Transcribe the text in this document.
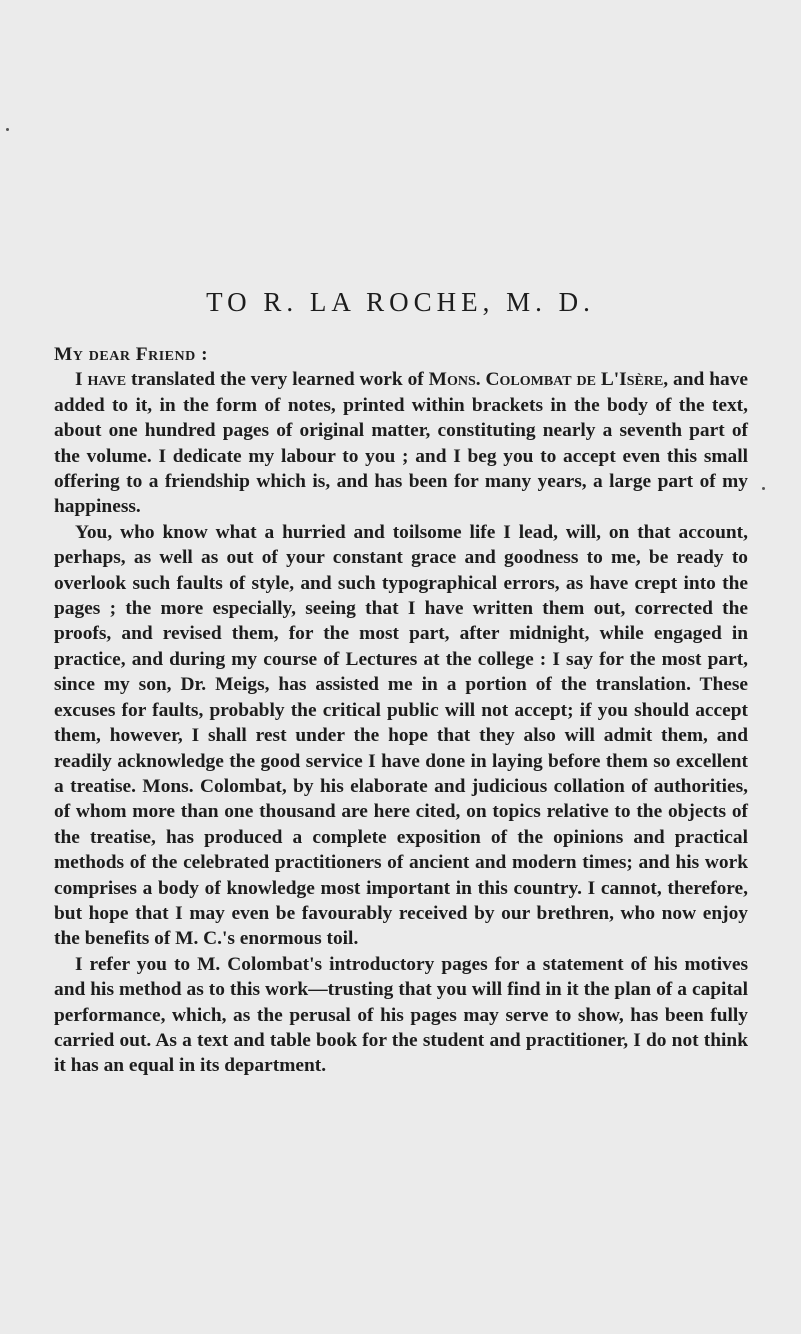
TO R. LA ROCHE, M. D.

My dear Friend :

I have translated the very learned work of Mons. Colombat de L'Isère, and have added to it, in the form of notes, printed within brackets in the body of the text, about one hundred pages of original matter, constituting nearly a seventh part of the volume. I dedicate my labour to you ; and I beg you to accept even this small offering to a friendship which is, and has been for many years, a large part of my happiness.

You, who know what a hurried and toilsome life I lead, will, on that account, perhaps, as well as out of your constant grace and goodness to me, be ready to overlook such faults of style, and such typographical errors, as have crept into the pages ; the more especially, seeing that I have written them out, corrected the proofs, and revised them, for the most part, after midnight, while engaged in practice, and during my course of Lectures at the college : I say for the most part, since my son, Dr. Meigs, has assisted me in a portion of the translation. These excuses for faults, probably the critical public will not accept; if you should accept them, however, I shall rest under the hope that they also will admit them, and readily acknowledge the good service I have done in laying before them so excellent a treatise. Mons. Colombat, by his elaborate and judicious collation of authorities, of whom more than one thousand are here cited, on topics relative to the objects of the treatise, has produced a complete exposition of the opinions and practical methods of the celebrated practitioners of ancient and modern times; and his work comprises a body of knowledge most important in this country. I cannot, therefore, but hope that I may even be favourably received by our brethren, who now enjoy the benefits of M. C.'s enormous toil.

I refer you to M. Colombat's introductory pages for a statement of his motives and his method as to this work—trusting that you will find in it the plan of a capital performance, which, as the perusal of his pages may serve to show, has been fully carried out. As a text and table book for the student and practitioner, I do not think it has an equal in its department.
